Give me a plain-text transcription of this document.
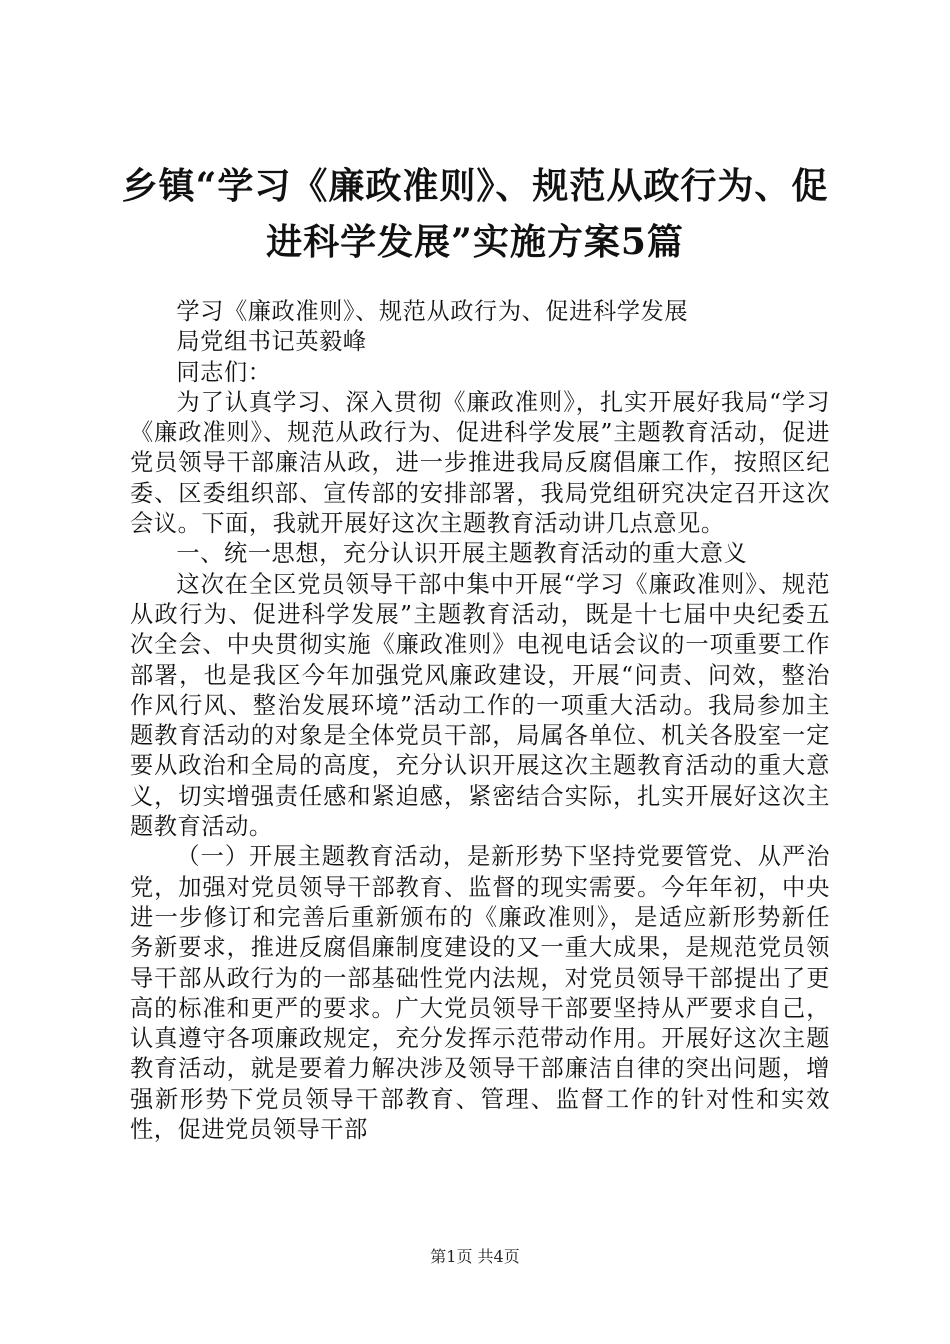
乡镇“学习《廉政准则》、规范从政行为、促进科学发展”实施方案5篇

学习《廉政准则》、规范从政行为、促进科学发展

局党组书记英毅峰

同志们：

为了认真学习、深入贯彻《廉政准则》，扎实开展好我局“学习《廉政准则》、规范从政行为、促进科学发展”主题教育活动，促进党员领导干部廉洁从政，进一步推进我局反腐倡廉工作，按照区纪委、区委组织部、宣传部的安排部署，我局党组研究决定召开这次会议。下面，我就开展好这次主题教育活动讲几点意见。

一、统一思想，充分认识开展主题教育活动的重大意义

这次在全区党员领导干部中集中开展“学习《廉政准则》、规范从政行为、促进科学发展”主题教育活动，既是十七届中央纪委五次全会、中央贯彻实施《廉政准则》电视电话会议的一项重要工作部署，也是我区今年加强党风廉政建设，开展“问责、问效，整治作风行风、整治发展环境”活动工作的一项重大活动。我局参加主题教育活动的对象是全体党员干部，局属各单位、机关各股室一定要从政治和全局的高度，充分认识开展这次主题教育活动的重大意义，切实增强责任感和紧迫感，紧密结合实际，扎实开展好这次主题教育活动。

（一）开展主题教育活动，是新形势下坚持党要管党、从严治党，加强对党员领导干部教育、监督的现实需要。今年年初，中央进一步修订和完善后重新颁布的《廉政准则》，是适应新形势新任务新要求，推进反腐倡廉制度建设的又一重大成果，是规范党员领导干部从政行为的一部基础性党内法规，对党员领导干部提出了更高的标准和更严的要求。广大党员领导干部要坚持从严要求自己，认真遵守各项廉政规定，充分发挥示范带动作用。开展好这次主题教育活动，就是要着力解决涉及领导干部廉洁自律的突出问题，增强新形势下党员领导干部教育、管理、监督工作的针对性和实效性，促进党员领导干部

第1页 共4页
